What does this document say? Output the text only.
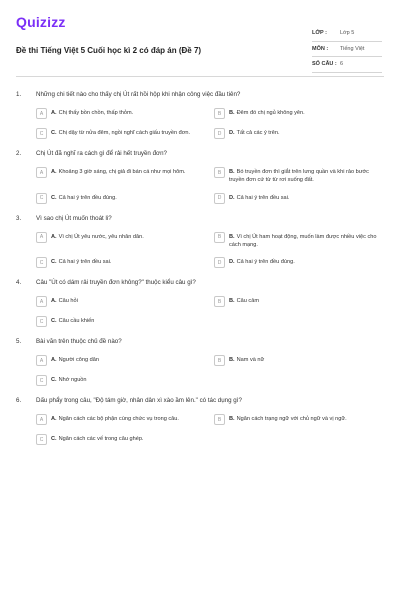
Quizizz
Đề thi Tiếng Việt 5 Cuối học kì 2 có đáp án (Đề 7)
LỚP :	Lớp 5
MÔN :	Tiếng Việt
SỐ CÂU : 6
1.	Những chi tiết nào cho thấy chị Út rất hồi hộp khi nhận công việc đầu tiên?
A	A. Chị thấy bồn chồn, thấp thỏm.	B	B. Đêm đó chị ngủ không yên.
C	C. Chị dậy từ nửa đêm, ngồi nghĩ cách giấu truyền đơn.	D	D. Tất cả các ý trên.
2.	Chị Út đã nghĩ ra cách gì để rải hết truyền đơn?
A	A. Khoảng 3 giờ sáng, chị giả đi bán cá như mọi hôm.	B	B. Bó truyền đơn thì giắt trên lưng quần và khi rảo bước truyền đơn cứ từ từ rơi xuống đất.
C	C. Cả hai ý trên đều đúng.	D	D. Cả hai ý trên đều sai.
3.	Vì sao chị Út muốn thoát li?
A	A. Vì chị Út yêu nước, yêu nhân dân.	B	B. Vì chị Út ham hoạt động, muốn làm được nhiều việc cho cách mạng.
C	C. Cả hai ý trên đều sai.	D	D. Cả hai ý trên đều đúng.
4.	Câu "Út có dám rải truyền đơn không?" thuộc kiểu câu gì?
A	A. Câu hỏi	B	B. Câu cảm
C	C. Câu cầu khiến
5.	Bài văn trên thuộc chủ đề nào?
A	A. Người công dân	B	B. Nam và nữ
C	C. Nhớ nguồn
6.	Dấu phẩy trong câu, "Độ tám giờ, nhân dân xì xào ầm lên." có tác dụng gì?
A	A. Ngăn cách các bộ phận cùng chức vụ trong câu.	B	B. Ngăn cách trạng ngữ với chủ ngữ và vị ngữ.
C	C. Ngăn cách các vế trong câu ghép.
